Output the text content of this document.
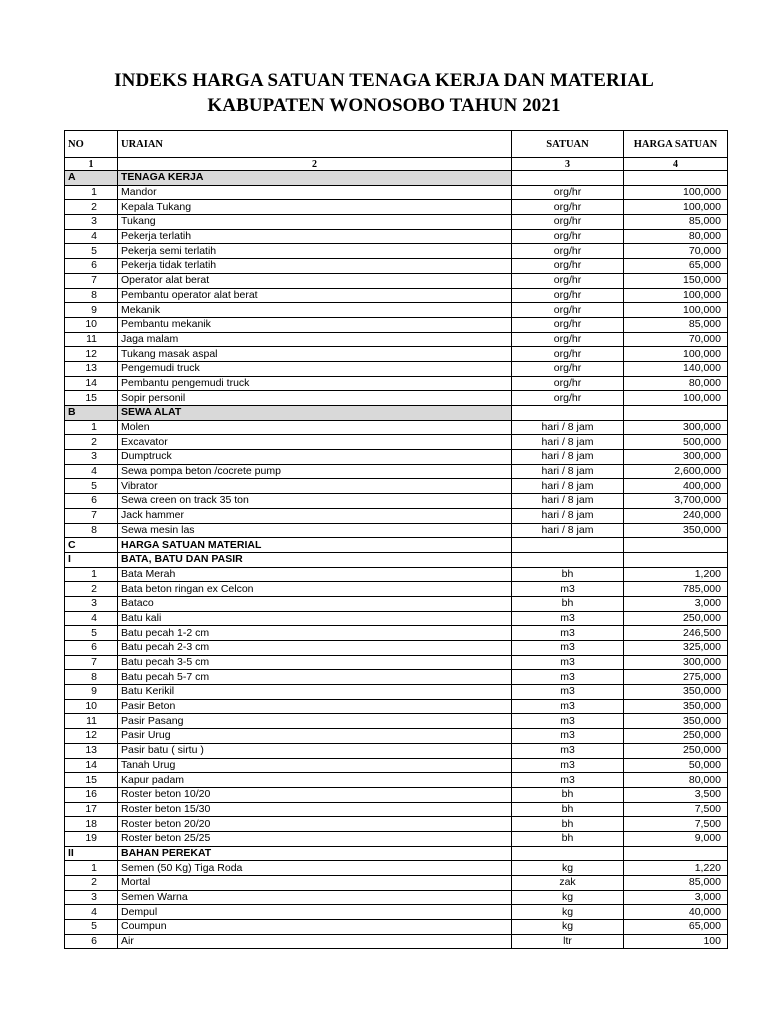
INDEKS HARGA SATUAN TENAGA KERJA DAN MATERIAL
KABUPATEN WONOSOBO TAHUN 2021
NO	URAIAN	SATUAN	HARGA SATUAN
1	2	3	4
A	TENAGA KERJA		
1	Mandor	org/hr	100,000
2	Kepala Tukang	org/hr	100,000
3	Tukang	org/hr	85,000
4	Pekerja terlatih	org/hr	80,000
5	Pekerja semi terlatih	org/hr	70,000
6	Pekerja tidak terlatih	org/hr	65,000
7	Operator alat berat	org/hr	150,000
8	Pembantu operator alat berat	org/hr	100,000
9	Mekanik	org/hr	100,000
10	Pembantu mekanik	org/hr	85,000
11	Jaga malam	org/hr	70,000
12	Tukang masak aspal	org/hr	100,000
13	Pengemudi truck	org/hr	140,000
14	Pembantu pengemudi truck	org/hr	80,000
15	Sopir personil	org/hr	100,000
B	SEWA ALAT		
1	Molen	hari / 8 jam	300,000
2	Excavator	hari / 8 jam	500,000
3	Dumptruck	hari / 8 jam	300,000
4	Sewa pompa beton /cocrete pump	hari / 8 jam	2,600,000
5	Vibrator	hari / 8 jam	400,000
6	Sewa creen on track 35 ton	hari / 8 jam	3,700,000
7	Jack hammer	hari / 8 jam	240,000
8	Sewa mesin las	hari / 8 jam	350,000
C	HARGA SATUAN MATERIAL		
I	BATA, BATU DAN PASIR		
1	Bata Merah	bh	1,200
2	Bata beton ringan ex Celcon	m3	785,000
3	Bataco	bh	3,000
4	Batu kali	m3	250,000
5	Batu pecah 1-2 cm	m3	246,500
6	Batu pecah 2-3 cm	m3	325,000
7	Batu pecah 3-5 cm	m3	300,000
8	Batu pecah 5-7 cm	m3	275,000
9	Batu Kerikil	m3	350,000
10	Pasir Beton	m3	350,000
11	Pasir Pasang	m3	350,000
12	Pasir Urug	m3	250,000
13	Pasir batu ( sirtu )	m3	250,000
14	Tanah Urug	m3	50,000
15	Kapur padam	m3	80,000
16	Roster beton 10/20	bh	3,500
17	Roster beton 15/30	bh	7,500
18	Roster beton 20/20	bh	7,500
19	Roster beton 25/25	bh	9,000
II	BAHAN PEREKAT		
1	Semen (50 Kg) Tiga Roda	kg	1,220
2	Mortal	zak	85,000
3	Semen Warna	kg	3,000
4	Dempul	kg	40,000
5	Coumpun	kg	65,000
6	Air	ltr	100
